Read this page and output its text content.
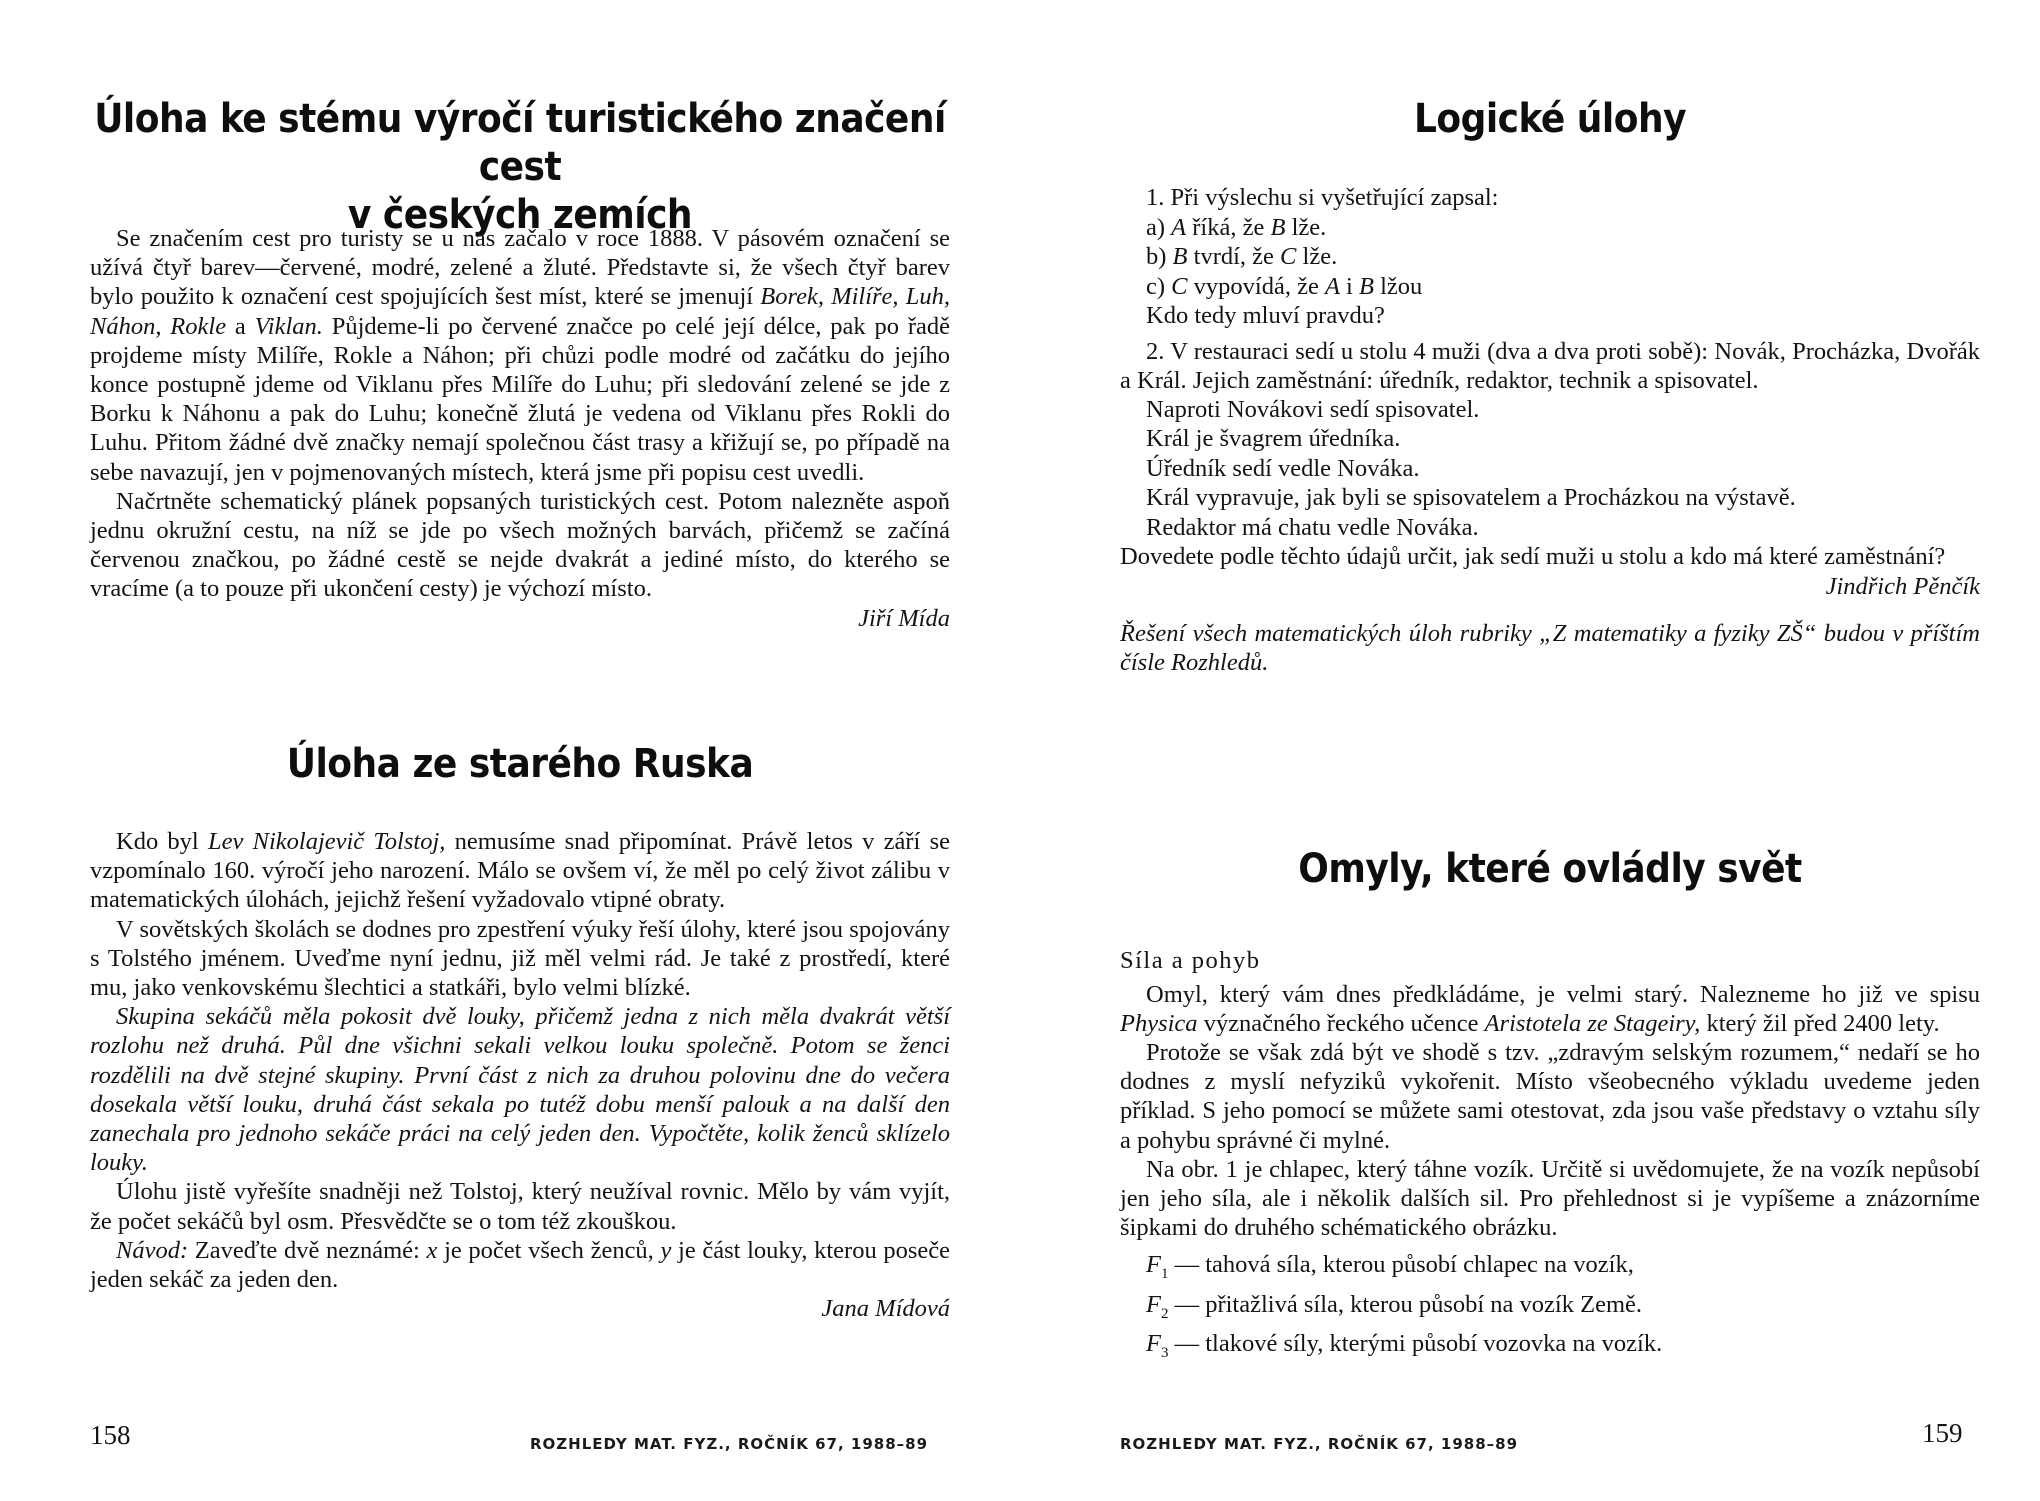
Úloha ke stému výročí turistického značení cest
v českých zemích

Se značením cest pro turisty se u nás začalo v roce 1888. V pásovém označení se užívá čtyř barev—červené, modré, zelené a žluté. Představte si, že všech čtyř barev bylo použito k označení cest spojujících šest míst, které se jmenují Borek, Milíře, Luh, Náhon, Rokle a Viklan. Půjdeme-li po červené značce po celé její délce, pak po řadě projdeme místy Milíře, Rokle a Náhon; při chůzi podle modré od začátku do jejího konce postupně jdeme od Viklanu přes Milíře do Luhu; při sledování zelené se jde z Borku k Náhonu a pak do Luhu; konečně žlutá je vedena od Viklanu přes Rokli do Luhu. Přitom žádné dvě značky nemají společnou část trasy a křižují se, po případě na sebe navazují, jen v pojmenovaných místech, která jsme při popisu cest uvedli.

Načrtněte schematický plánek popsaných turistických cest. Potom nalezněte aspoň jednu okružní cestu, na níž se jde po všech možných barvách, přičemž se začíná červenou značkou, po žádné cestě se nejde dvakrát a jediné místo, do kterého se vracíme (a to pouze při ukončení cesty) je výchozí místo.

Jiří Mída
Úloha ze starého Ruska

Kdo byl Lev Nikolajevič Tolstoj, nemusíme snad připomínat. Právě letos v září se vzpomínalo 160. výročí jeho narození. Málo se ovšem ví, že měl po celý život zálibu v matematických úlohách, jejichž řešení vyžadovalo vtipné obraty.

V sovětských školách se dodnes pro zpestření výuky řeší úlohy, které jsou spojovány s Tolstého jménem. Uveďme nyní jednu, již měl velmi rád. Je také z prostředí, které mu, jako venkovskému šlechtici a statkáři, bylo velmi blízké.

Skupina sekáčů měla pokosit dvě louky, přičemž jedna z nich měla dvakrát větší rozlohu než druhá. Půl dne všichni sekali velkou louku společně. Potom se ženci rozdělili na dvě stejné skupiny. První část z nich za druhou polovinu dne do večera dosekala větší louku, druhá část sekala po tutéž dobu menší palouk a na další den zanechala pro jednoho sekáče práci na celý jeden den. Vypočtěte, kolik ženců sklízelo louky.

Úlohu jistě vyřešíte snadněji než Tolstoj, který neužíval rovnic. Mělo by vám vyjít, že počet sekáčů byl osm. Přesvědčte se o tom též zkouškou.

Návod: Zaveďte dvě neznámé: x je počet všech ženců, y je část louky, kterou poseče jeden sekáč za jeden den.

Jana Mídová
158	ROZHLEDY MAT. FYZ., ROČNÍK 67, 1988–89
Logické úlohy
1. Při výslechu si vyšetřující zapsal:
a) A říká, že B lže.
b) B tvrdí, že C lže.
c) C vypovídá, že A i B lžou
Kdo tedy mluví pravdu?

2. V restauraci sedí u stolu 4 muži (dva a dva proti sobě): Novák, Procházka, Dvořák a Král. Jejich zaměstnání: úředník, redaktor, technik a spisovatel.

Naproti Novákovi sedí spisovatel.
Král je švagrem úředníka.
Úředník sedí vedle Nováka.
Král vypravuje, jak byli se spisovatelem a Procházkou na výstavě.
Redaktor má chatu vedle Nováka.

Dovedete podle těchto údajů určit, jak sedí muži u stolu a kdo má které zaměstnání?

Jindřich Pěnčík

Řešení všech matematických úloh rubriky „Z matematiky a fyziky ZŠ“ budou v příštím čísle Rozhledů.

Omyly, které ovládly svět
Síla a pohyb

Omyl, který vám dnes předkládáme, je velmi starý. Nalezneme ho již ve spisu Physica význačného řeckého učence Aristotela ze Stageiry, který žil před 2400 lety.

Protože se však zdá být ve shodě s tzv. „zdravým selským rozumem,“ nedaří se ho dodnes z myslí nefyziků vykořenit. Místo všeobecného výkladu uvedeme jeden příklad. S jeho pomocí se můžete sami otestovat, zda jsou vaše představy o vztahu síly a pohybu správné či mylné.

Na obr. 1 je chlapec, který táhne vozík. Určitě si uvědomujete, že na vozík nepůsobí jen jeho síla, ale i několik dalších sil. Pro přehlednost si je vypíšeme a znázorníme šipkami do druhého schématického obrázku.

$F_1$ — tahová síla, kterou působí chlapec na vozík,
$F_2$ — přitažlivá síla, kterou působí na vozík Země.
$F_3$ — tlakové síly, kterými působí vozovka na vozík.
ROZHLEDY MAT. FYZ., ROČNÍK 67, 1988–89	159
